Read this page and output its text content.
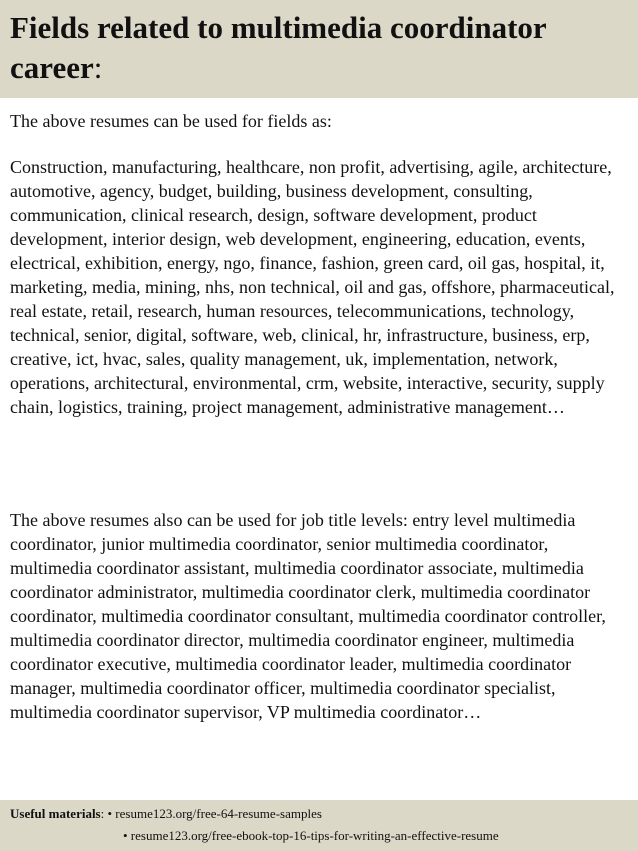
Fields related to multimedia coordinator career:

The above resumes can be used for fields as:

Construction, manufacturing, healthcare, non profit, advertising, agile, architecture, automotive, agency, budget, building, business development, consulting, communication, clinical research, design, software development, product development, interior design, web development, engineering, education, events, electrical, exhibition, energy, ngo, finance, fashion, green card, oil gas, hospital, it, marketing, media, mining, nhs, non technical, oil and gas, offshore, pharmaceutical, real estate, retail, research, human resources, telecommunications, technology, technical, senior, digital, software, web, clinical, hr, infrastructure, business, erp, creative, ict, hvac, sales, quality management, uk, implementation, network, operations, architectural, environmental, crm, website, interactive, security, supply chain, logistics, training, project management, administrative management…

The above resumes also can be used for job title levels: entry level multimedia coordinator, junior multimedia coordinator, senior multimedia coordinator, multimedia coordinator assistant, multimedia coordinator associate, multimedia coordinator administrator, multimedia coordinator clerk, multimedia coordinator coordinator, multimedia coordinator consultant, multimedia coordinator controller, multimedia coordinator director, multimedia coordinator engineer, multimedia coordinator executive, multimedia coordinator leader, multimedia coordinator manager, multimedia coordinator officer, multimedia coordinator specialist, multimedia coordinator supervisor, VP multimedia coordinator…

Useful materials: • resume123.org/free-64-resume-samples
• resume123.org/free-ebook-top-16-tips-for-writing-an-effective-resume
